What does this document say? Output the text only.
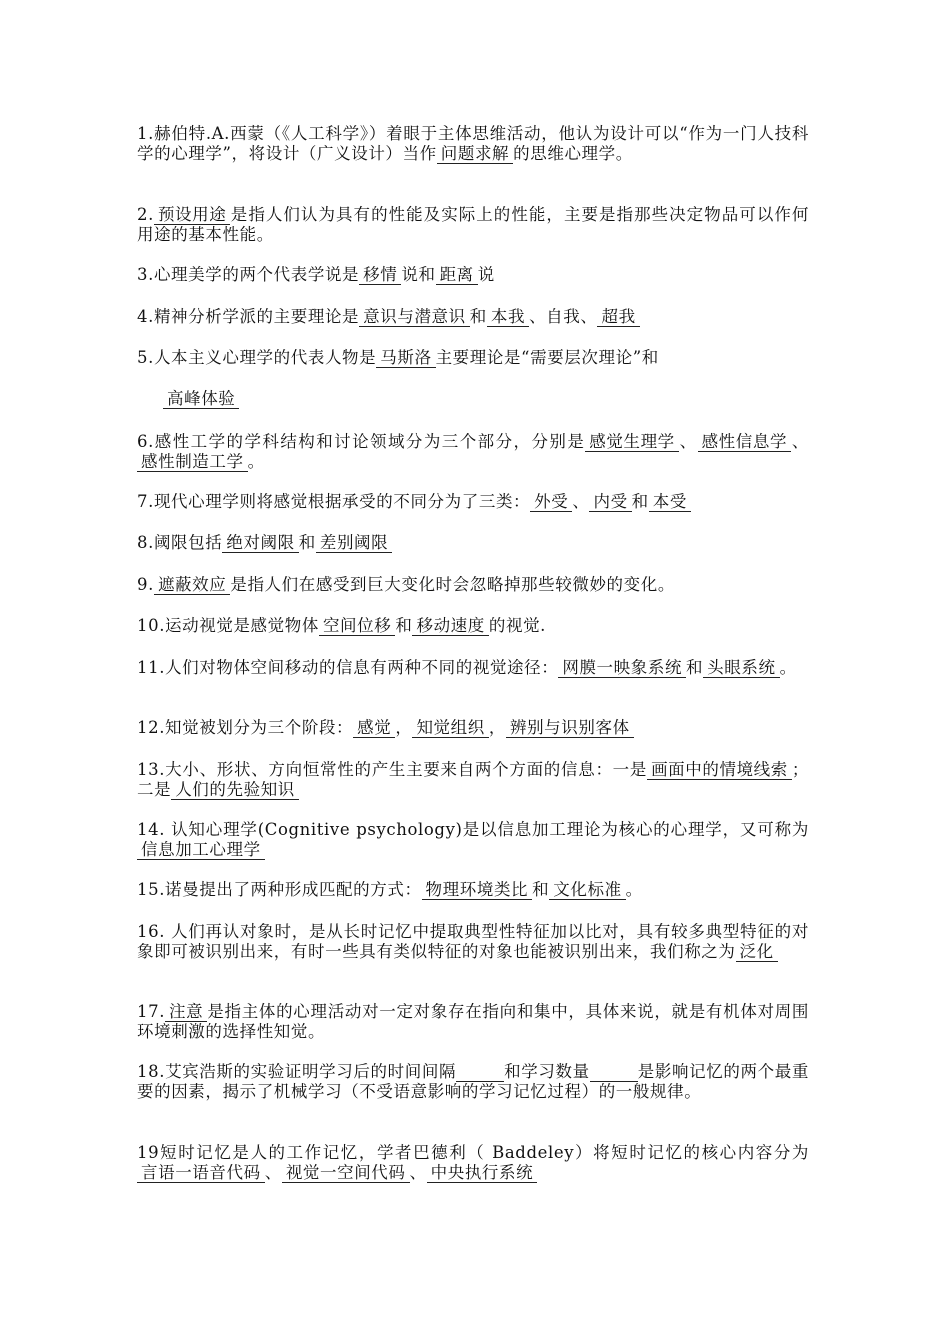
1.赫伯特.A.西蒙（《人工科学》）着眼于主体思维活动，他认为设计可以“作为一门人技科学的心理学”，将设计（广义设计）当作 问题求解 的思维心理学。

2. 预设用途 是指人们认为具有的性能及实际上的性能，主要是指那些决定物品可以作何用途的基本性能。

3.心理美学的两个代表学说是 移情 说和 距离 说

4.精神分析学派的主要理论是 意识与潜意识 和 本我 、自我、 超我

5.人本主义心理学的代表人物是 马斯洛 主要理论是“需要层次理论”和

高峰体验

6.感性工学的学科结构和讨论领域分为三个部分，分别是 感觉生理学 、 感性信息学 、感性制造工学 。

7.现代心理学则将感觉根据承受的不同分为了三类： 外受 、 内受 和 本受

8.阈限包括 绝对阈限 和 差别阈限

9. 遮蔽效应 是指人们在感受到巨大变化时会忽略掉那些较微妙的变化。

10.运动视觉是感觉物体 空间位移 和 移动速度 的视觉.

11.人们对物体空间移动的信息有两种不同的视觉途径： 网膜一映象系统 和 头眼系统 。

12.知觉被划分为三个阶段： 感觉 ， 知觉组织 ， 辨别与识别客体

13.大小、形状、方向恒常性的产生主要来自两个方面的信息：一是 画面中的情境线索 ；二是 人们的先验知识

14. 认知心理学(Cognitive psychology)是以信息加工理论为核心的心理学，又可称为信息加工心理学

15.诺曼提出了两种形成匹配的方式： 物理环境类比 和 文化标准 。

16. 人们再认对象时，是从长时记忆中提取典型性特征加以比对，具有较多典型特征的对象即可被识别出来，有时一些具有类似特征的对象也能被识别出来，我们称之为 泛化

17. 注意 是指主体的心理活动对一定对象存在指向和集中，具体来说，就是有机体对周围环境刺激的选择性知觉。

18.艾宾浩斯的实验证明学习后的时间间隔	和学习数量	是影响记忆的两个最重要的因素，揭示了机械学习（不受语意影响的学习记忆过程）的一般规律。

19短时记忆是人的工作记忆，学者巴德利（ Baddeley）将短时记忆的核心内容分为言语一语音代码 、 视觉一空间代码 、 中央执行系统
